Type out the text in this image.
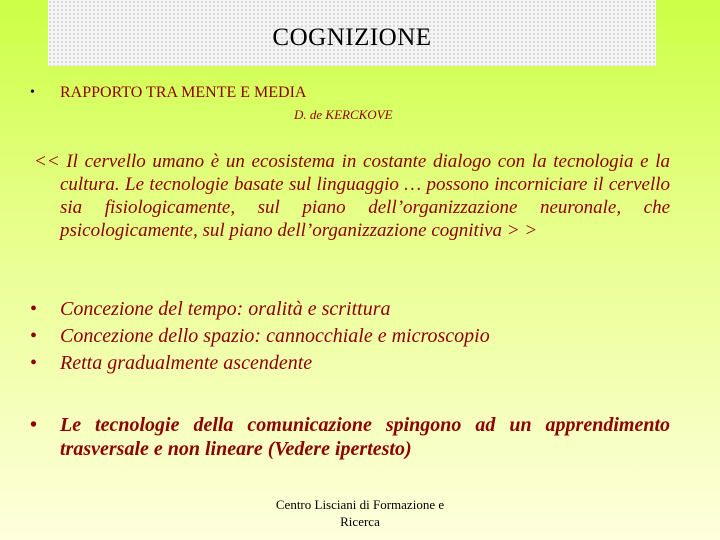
COGNIZIONE
• RAPPORTO TRA MENTE E MEDIA
D. de KERCKOVE
<< Il cervello umano è un ecosistema in costante dialogo con la tecnologia e la cultura. Le tecnologie basate sul linguaggio … possono incorniciare il cervello sia fisiologicamente, sul piano dell’organizzazione neuronale, che psicologicamente, sul piano dell’organizzazione cognitiva > >
• Concezione del tempo: oralità e scrittura
• Concezione dello spazio: cannocchiale e microscopio
• Retta gradualmente ascendente
• Le tecnologie della comunicazione spingono ad un apprendimento trasversale e non lineare (Vedere ipertesto)
Centro Lisciani di Formazione e
Ricerca
